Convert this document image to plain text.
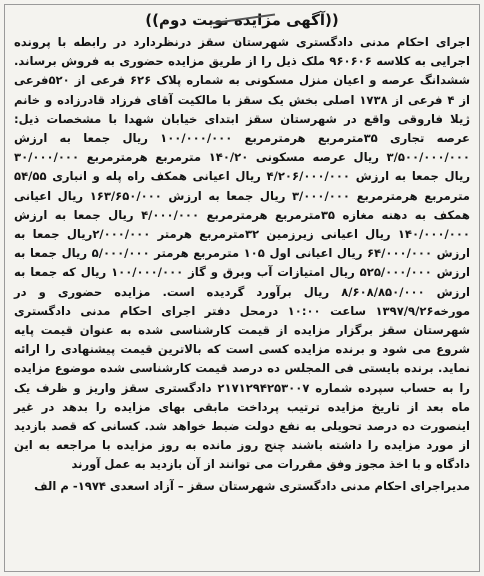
((آگهی مزایده نوبت دوم))

اجرای احکام مدنی دادگستری شهرستان سقز درنظردارد در رابطه با پرونده اجرایی به کلاسه ۹۶۰۶۰۶ ملک ذیل را از طریق مزایده حضوری به فروش برساند. ششدانگ عرصه و اعیان منزل مسکونی به شماره پلاک ۶۲۶ فرعی از ۵۲۰فرعی از ۴ فرعی از ۱۷۳۸ اصلی بخش یک سقز با مالکیت آقای فرزاد قادرزاده و خانم ژیلا فاروقی واقع در شهرستان سقز ابتدای خیابان شهدا با مشخصات ذیل: عرصه تجاری ۳۵مترمربع هرمترمربع ۱۰۰/۰۰۰/۰۰۰ ریال جمعا به ارزش ۳/۵۰۰/۰۰۰/۰۰۰ ریال عرصه مسکونی ۱۴۰/۲۰ مترمربع هرمترمربع ۳۰/۰۰۰/۰۰۰ ریال جمعا به ارزش ۴/۲۰۶/۰۰۰/۰۰۰ ریال اعیانی همکف راه پله و انباری ۵۴/۵۵ مترمربع هرمترمربع ۳/۰۰۰/۰۰۰ ریال جمعا به ارزش ۱۶۳/۶۵۰/۰۰۰ ریال اعیانی همکف به دهنه مغازه ۳۵مترمربع هرمترمربع ۴/۰۰۰/۰۰۰ ریال جمعا به ارزش ۱۴۰/۰۰۰/۰۰۰ ریال اعیانی زیرزمین ۳۲مترمربع هرمتر ۲/۰۰۰/۰۰۰ریال جمعا به ارزش ۶۴/۰۰۰/۰۰۰ ریال اعیانی اول ۱۰۵ مترمربع هرمتر ۵/۰۰۰/۰۰۰ ریال جمعا به ارزش ۵۲۵/۰۰۰/۰۰۰ ریال امتیازات آب وبرق و گاز ۱۰۰/۰۰۰/۰۰۰ ریال که جمعا به ارزش ۸/۶۰۸/۸۵۰/۰۰۰ ریال برآورد گردیده است. مزایده حضوری و در مورخه۱۳۹۷/۹/۲۶ ساعت ۱۰:۰۰ درمحل دفتر اجرای احکام مدنی دادگستری شهرستان سقز برگزار مزایده از قیمت کارشناسی شده به عنوان قیمت پایه شروع می شود و برنده مزایده کسی است که بالاترین قیمت پیشنهادی را ارائه نماید. برنده بایستی فی المجلس ده درصد قیمت کارشناسی شده موضوع مزایده را به حساب سپرده شماره ۲۱۷۱۲۹۴۲۵۳۰۰۷ دادگستری سقز واریز و ظرف یک ماه بعد از تاریخ مزایده ترتیب پرداخت مابقی بهای مزایده را بدهد در غیر اینصورت ده درصد تحویلی به نفع دولت ضبط خواهد شد. کسانی که قصد بازدید از مورد مزایده را داشته باشند چنج روز مانده به روز مزایده با مراجعه به این دادگاه و با اخذ مجوز وفق مقررات می توانند از آن بازدید به عمل آورند

مدیراجرای احکام مدنی دادگستری شهرستان سقز – آزاد اسعدی ۱۹۷۴- م الف
